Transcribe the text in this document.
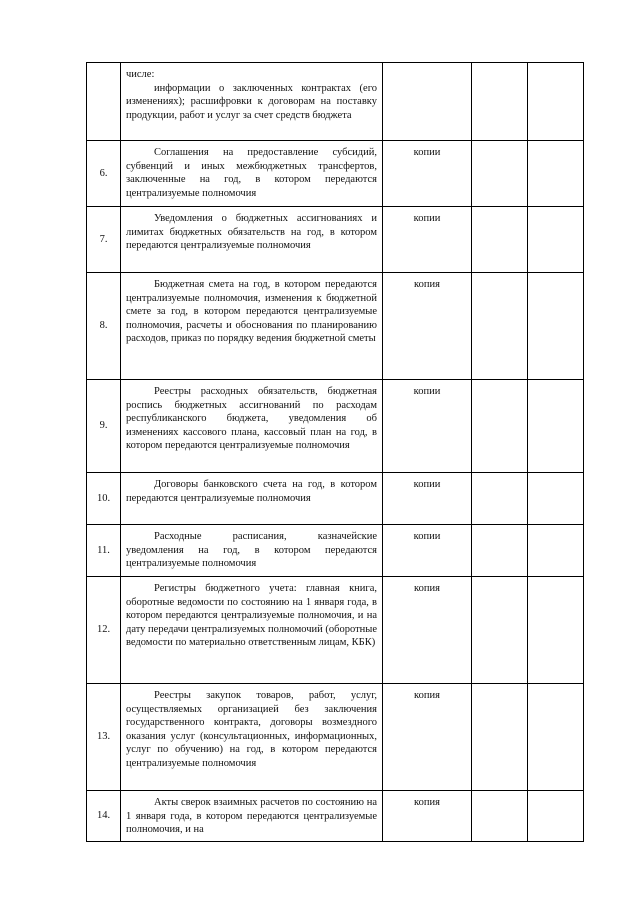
	числе:

информации о заключенных контрактах (его изменениях); расшифровки к договорам на поставку продукции, работ и услуг за счет средств бюджета			

6.	Соглашения на предоставление субсидий, субвенций и иных межбюджетных трансфертов, заключенные на год, в котором передаются централизуемые полномочия	копии		
7.	Уведомления о бюджетных ассигнованиях и лимитах бюджетных обязательств на год, в котором передаются централизуемые полномочия	копии		
8.	Бюджетная смета на год, в котором передаются централизуемые полномочия, изменения к бюджетной смете за год, в котором передаются централизуемые полномочия, расчеты и обоснования по планированию расходов, приказ по порядку ведения бюджетной сметы	копия		
9.	Реестры расходных обязательств, бюджетная роспись бюджетных ассигнований по расходам республиканского бюджета, уведомления об изменениях кассового плана, кассовый план на год, в котором передаются централизуемые полномочия	копии		
10.	Договоры банковского счета на год, в котором передаются централизуемые полномочия	копии		
11.	Расходные расписания, казначейские уведомления на год, в котором передаются централизуемые полномочия	копии		
12.	Регистры бюджетного учета: главная книга, оборотные ведомости по состоянию на 1 января года, в котором передаются централизуемые полномочия, и на дату передачи централизуемых полномочий (оборотные ведомости по материально ответственным лицам, КБК)	копия		
13.	Реестры закупок товаров, работ, услуг, осуществляемых организацией без заключения государственного контракта, договоры возмездного оказания услуг (консультационных, информационных, услуг по обучению) на год, в котором передаются централизуемые полномочия	копия		
14.	Акты сверок взаимных расчетов по состоянию на 1 января года, в котором передаются централизуемые полномочия, и на	копия		
